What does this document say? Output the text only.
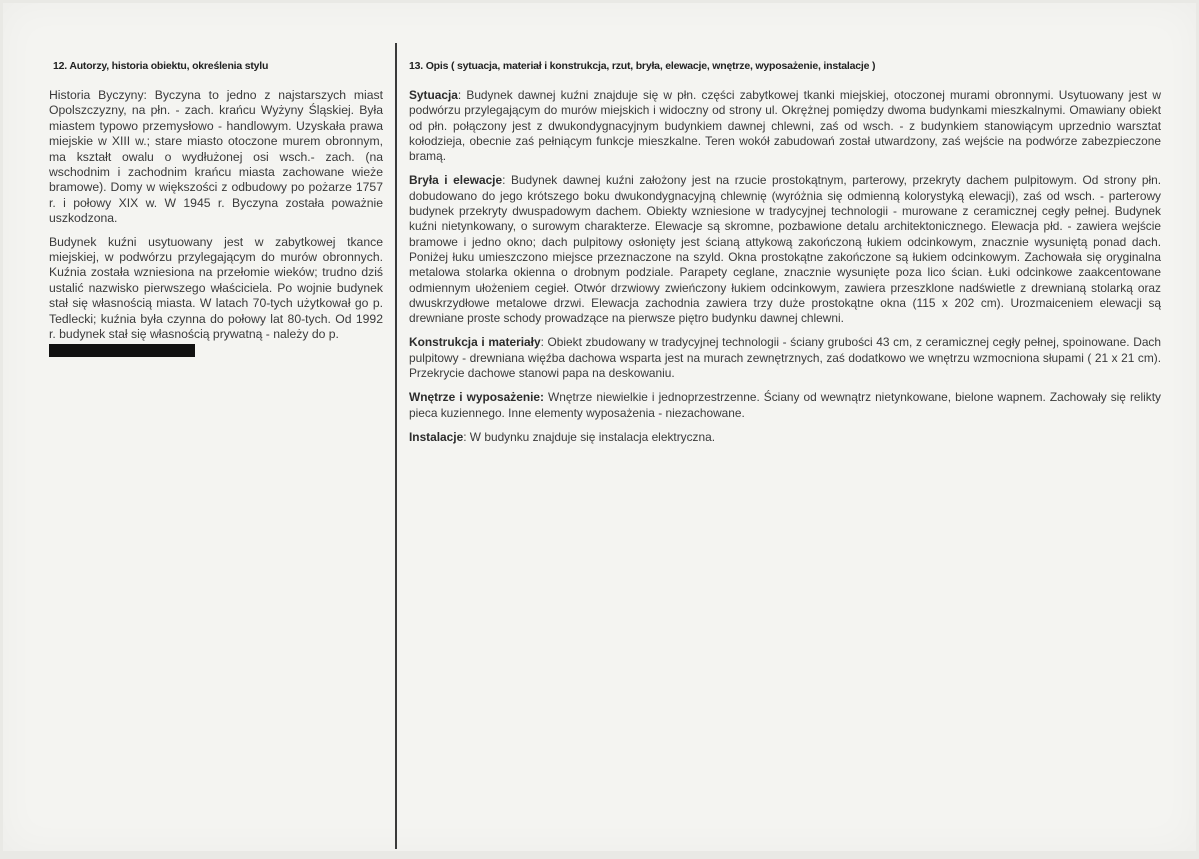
12. Autorzy, historia obiektu, określenia stylu

Historia Byczyny: Byczyna to jedno z najstarszych miast Opolszczyzny, na płn. - zach. krańcu Wyżyny Śląskiej. Była miastem typowo przemysłowo - handlowym. Uzyskała prawa miejskie w XIII w.; stare miasto otoczone murem obronnym, ma kształt owalu o wydłużonej osi wsch.- zach. (na wschodnim i zachodnim krańcu miasta zachowane wieże bramowe). Domy w większości z odbudowy po pożarze 1757 r. i połowy XIX w. W 1945 r. Byczyna została poważnie uszkodzona.

Budynek kuźni usytuowany jest w zabytkowej tkance miejskiej, w podwórzu przylegającym do murów obronnych. Kuźnia została wzniesiona na przełomie wieków; trudno dziś ustalić nazwisko pierwszego właściciela. Po wojnie budynek stał się własnością miasta. W latach 70-tych użytkował go p. Tedlecki; kuźnia była czynna do połowy lat 80-tych. Od 1992 r. budynek stał się własnością prywatną - należy do p.

13. Opis ( sytuacja, materiał i konstrukcja, rzut, bryła, elewacje, wnętrze, wyposażenie, instalacje )

Sytuacja: Budynek dawnej kuźni znajduje się w płn. części zabytkowej tkanki miejskiej, otoczonej murami obronnymi. Usytuowany jest w podwórzu przylegającym do murów miejskich i widoczny od strony ul. Okrężnej pomiędzy dwoma budynkami mieszkalnymi. Omawiany obiekt od płn. połączony jest z dwukondygnacyjnym budynkiem dawnej chlewni, zaś od wsch. - z budynkiem stanowiącym uprzednio warsztat kołodzieja, obecnie zaś pełniącym funkcje mieszkalne. Teren wokół zabudowań został utwardzony, zaś wejście na podwórze zabezpieczone bramą.

Bryła i elewacje: Budynek dawnej kuźni założony jest na rzucie prostokątnym, parterowy, przekryty dachem pulpitowym. Od strony płn. dobudowano do jego krótszego boku dwukondygnacyjną chlewnię (wyróżnia się odmienną kolorystyką elewacji), zaś od wsch. - parterowy budynek przekryty dwuspadowym dachem. Obiekty wzniesione w tradycyjnej technologii - murowane z ceramicznej cegły pełnej. Budynek kuźni nietynkowany, o surowym charakterze. Elewacje są skromne, pozbawione detalu architektonicznego. Elewacja płd. - zawiera wejście bramowe i jedno okno; dach pulpitowy osłonięty jest ścianą attykową zakończoną łukiem odcinkowym, znacznie wysuniętą ponad dach. Poniżej łuku umieszczono miejsce przeznaczone na szyld. Okna prostokątne zakończone są łukiem odcinkowym. Zachowała się oryginalna metalowa stolarka okienna o drobnym podziale. Parapety ceglane, znacznie wysunięte poza lico ścian. Łuki odcinkowe zaakcentowane odmiennym ułożeniem cegieł. Otwór drzwiowy zwieńczony łukiem odcinkowym, zawiera przeszklone nadświetle z drewnianą stolarką oraz dwuskrzydłowe metalowe drzwi. Elewacja zachodnia zawiera trzy duże prostokątne okna (115 x 202 cm). Urozmaiceniem elewacji są drewniane proste schody prowadzące na pierwsze piętro budynku dawnej chlewni.

Konstrukcja i materiały: Obiekt zbudowany w tradycyjnej technologii - ściany grubości 43 cm, z ceramicznej cegły pełnej, spoinowane. Dach pulpitowy - drewniana więźba dachowa wsparta jest na murach zewnętrznych, zaś dodatkowo we wnętrzu wzmocniona słupami ( 21 x 21 cm). Przekrycie dachowe stanowi papa na deskowaniu.

Wnętrze i wyposażenie: Wnętrze niewielkie i jednoprzestrzenne. Ściany od wewnątrz nietynkowane, bielone wapnem. Zachowały się relikty pieca kuziennego. Inne elementy wyposażenia - niezachowane.

Instalacje: W budynku znajduje się instalacja elektryczna.
